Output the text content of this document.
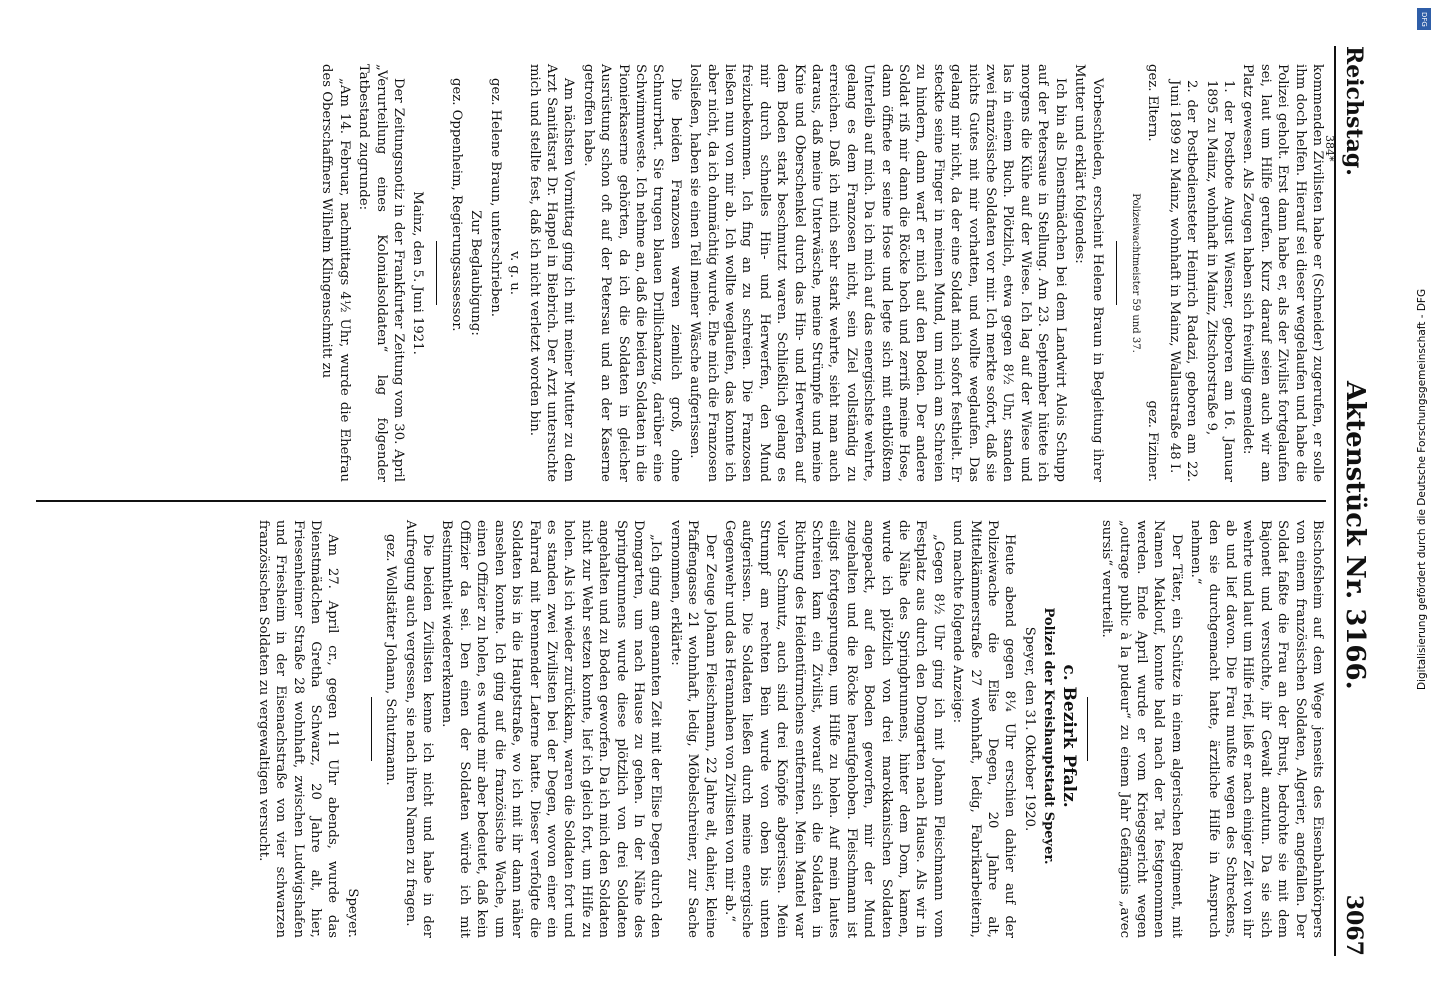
Reichstag.
Aktenstück Nr. 3166.
3067

kommenden Zivilisten habe er (Schneider) zugerufen, er solle ihm doch helfen. Hierauf sei dieser weggelaufen und habe die Polizei geholt. Erst dann habe er, als der Zivilist fortgelaufen sei, laut um Hilfe gerufen. Kurz darauf seien auch wir am Platz gewesen. Als Zeugen haben sich freiwillig gemeldet:

1. der Postbote August Wiesner, geboren am 16. Januar 1895 zu Mainz, wohnhaft in Mainz, Zitschorstraße 9,

2. der Postbediensteter Heinrich Radazi, geboren am 22. Juni 1899 zu Mainz, wohnhaft in Mainz, Wallaustraße 48 I.

gez. Eltern.
gez. Fiziner.

Polizeiwachtmeister 59 und 37.

Vorbeschieden, erscheint Helene Braun in Begleitung ihrer Mutter und erklärt folgendes:

Ich bin als Dienstmädchen bei dem Landwirt Alois Schupp auf der Petersaue in Stellung. Am 23. September hütete ich morgens die Kühe auf der Wiese. Ich lag auf der Wiese und las in einem Buch. Plötzlich, etwa gegen 8½ Uhr, standen zwei französische Soldaten vor mir. Ich merkte sofort, daß sie nichts Gutes mit mir vorhatten, und wollte weglaufen. Das gelang mir nicht, da der eine Soldat mich sofort festhielt. Er steckte seine Finger in meinen Mund, um mich am Schreien zu hindern, dann warf er mich auf den Boden. Der andere Soldat riß mir dann die Röcke hoch und zerriß meine Hose, dann öffnete er seine Hose und legte sich mit entblößtem Unterleib auf mich. Da ich mich auf das energischste wehrte, gelang es dem Franzosen nicht, sein Ziel vollständig zu erreichen. Daß ich mich sehr stark wehrte, sieht man auch daraus, daß meine Unterwäsche, meine Strümpfe und meine Knie und Oberschenkel durch das Hin- und Herwerfen auf dem Boden stark beschmutzt waren. Schließlich gelang es mir durch schnelles Hin- und Herwerfen, den Mund freizubekommen. Ich fing an zu schreien. Die Franzosen ließen nun von mir ab. Ich wollte weglaufen, das konnte ich aber nicht, da ich ohnmächtig wurde. Ehe mich die Franzosen losließen, haben sie einen Teil meiner Wäsche aufgerissen.

Die beiden Franzosen waren ziemlich groß, ohne Schnurrbart. Sie trugen blauen Drillichanzug, darüber eine Schwimmweste. Ich nehme an, daß die beiden Soldaten in die Pionierkaserne gehörten, da ich die Soldaten in gleicher Ausrüstung schon oft auf der Petersau und an der Kaserne getroffen habe.

Am nächsten Vormittag ging ich mit meiner Mutter zu dem Arzt Sanitätsrat Dr. Happel in Biebrich. Der Arzt untersuchte mich und stellte fest, daß ich nicht verletzt worden bin.

v. g. u.

gez. Helene Braun, unterschrieben.

Zur Beglaubigung:

gez. Oppenheim, Regierungsassessor.

Mainz, den 5. Juni 1921.

Der Zeitungsnotiz in der Frankfurter Zeitung vom 30. April „Verurteilung eines Kolonialsoldaten“ lag folgender Tatbestand zugrunde:

„Am 14. Februar, nachmittags 4½ Uhr, wurde die Ehefrau des Oberschaffners Wilhelm Klingenschmitt zu

Bischofsheim auf dem Wege jenseits des Eisenbahnkörpers von einem französischen Soldaten, Algerier, angefallen. Der Soldat faßte die Frau an der Brust, bedrohte sie mit dem Bajonett und versuchte, ihr Gewalt anzutun. Da sie sich wehrte und laut um Hilfe rief, ließ er nach einiger Zeit von ihr ab und lief davon. Die Frau mußte wegen des Schreckens, den sie durchgemacht hatte, ärztliche Hilfe in Anspruch nehmen.“

Der Täter, ein Schütze in einem algerischen Regiment, mit Namen Maklouf, konnte bald nach der Tat festgenommen werden. Ende April wurde er vom Kriegsgericht wegen „outrage public à la pudeur“ zu einem Jahr Gefängnis „avec sursis“ verurteilt.

c. Bezirk Pfalz.

Polizei der Kreishauptstadt Speyer.

Speyer, den 31. Oktober 1920.

Heute abend gegen 8¼ Uhr erschien dahier auf der Polizeiwache die Elise Degen, 20 Jahre alt, Mittelkämmerstraße 27 wohnhaft, ledig, Fabrikarbeiterin, und machte folgende Anzeige:

„Gegen 8½ Uhr ging ich mit Johann Fleischmann vom Festplatz aus durch den Domgarten nach Hause. Als wir in die Nähe des Springbrunnens, hinter dem Dom, kamen, wurde ich plötzlich von drei marokkanischen Soldaten angepackt, auf den Boden geworfen, mir der Mund zugehalten und die Röcke heraufgehoben. Fleischmann ist eiligst fortgesprungen, um Hilfe zu holen. Auf mein lautes Schreien kam ein Zivilist, worauf sich die Soldaten in Richtung des Heidentürmchens entfernten. Mein Mantel war voller Schmutz, auch sind drei Knöpfe abgerissen. Mein Strumpf am rechten Bein wurde von oben bis unten aufgerissen. Die Soldaten ließen durch meine energische Gegenwehr und das Herannahen von Zivilisten von mir ab.“

Der Zeuge Johann Fleischmann, 22 Jahre alt, dahier, kleine Pfaffengasse 21 wohnhaft, ledig, Möbelschreiner, zur Sache vernommen, erklärte:

„Ich ging am genannten Zeit mit der Elise Degen durch den Domgarten, um nach Hause zu gehen. In der Nähe des Springbrunnens wurde diese plötzlich von drei Soldaten angehalten und zu Boden geworfen. Da ich mich den Soldaten nicht zur Wehr setzen konnte, lief ich gleich fort, um Hilfe zu holen. Als ich wieder zurückkam, waren die Soldaten fort und es standen zwei Zivilisten bei der Degen, wovon einer ein Fahrrad mit brennender Laterne hatte. Dieser verfolgte die Soldaten bis in die Hauptstraße, wo ich mit ihr dann näher ansehen konnte. Ich ging auf die französische Wache, um einen Offizier zu holen, es wurde mir aber bedeutet, daß kein Offizier da sei. Den einen der Soldaten würde ich mit Bestimmtheit wiedererkennen.

Die beiden Zivilisten kenne ich nicht und habe in der Aufregung auch vergessen, sie nach ihren Namen zu fragen.

gez. Wollstätter Johann, Schutzmann.

Speyer.

Am 27. April cr., gegen 11 Uhr abends, wurde das Dienstmädchen Gretha Schwarz, 20 Jahre alt, hier, Friesenheimer Straße 28 wohnhaft, zwischen Ludwigshafen und Friesheim in der Eisenachstraße von vier schwarzen französischen Soldaten zu vergewaltigen versucht.

384*
DFG
Digitalisierung gefördert durch die Deutsche Forschungsgemeinschaft - DFG
